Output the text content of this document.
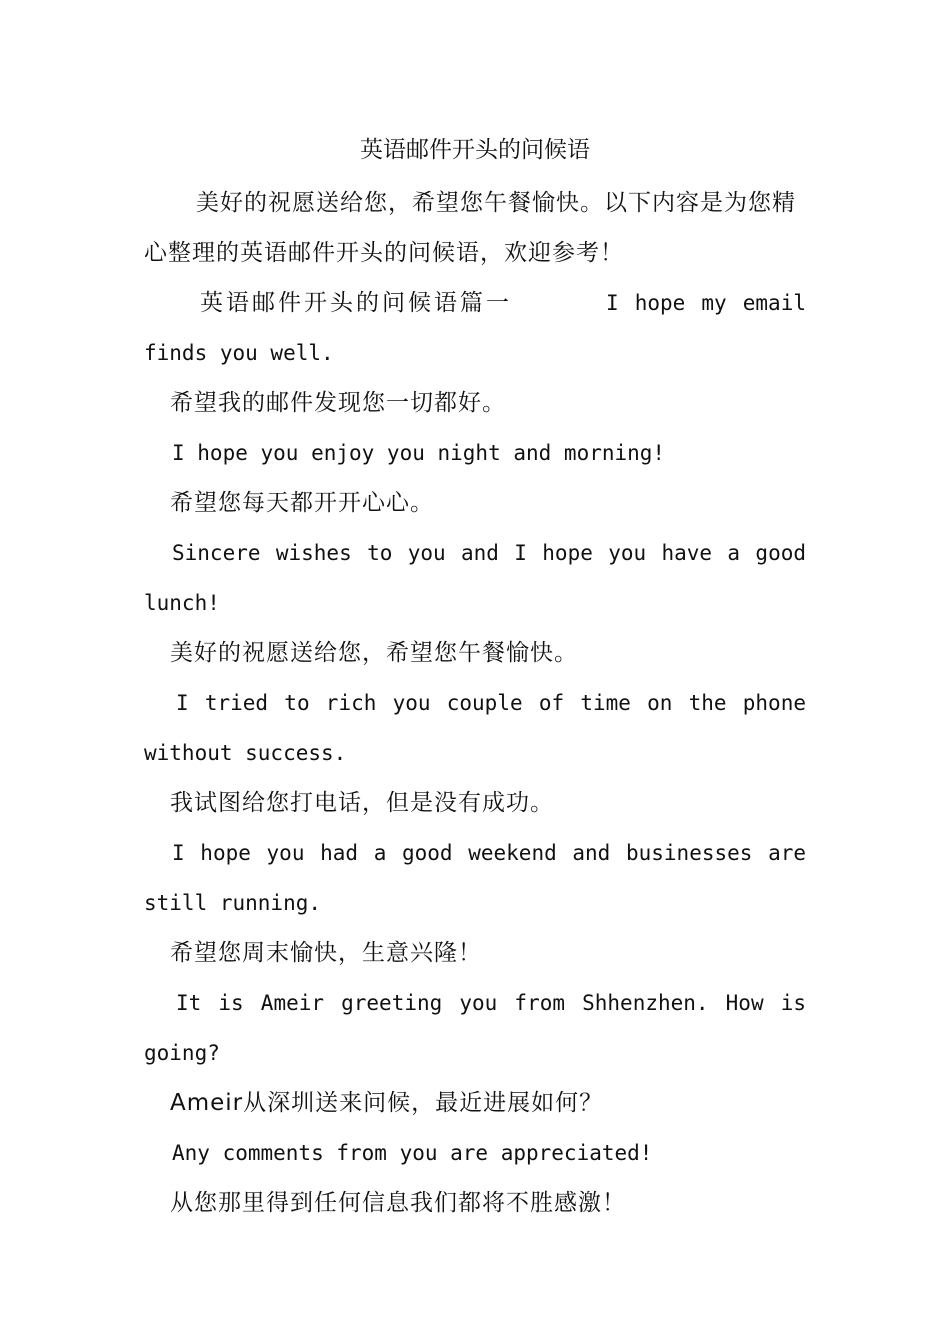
英语邮件开头的问候语

美好的祝愿送给您，希望您午餐愉快。以下内容是为您精心整理的英语邮件开头的问候语，欢迎参考！

英语邮件开头的问候语篇一	I hope my email finds you well.

希望我的邮件发现您一切都好。

I hope you enjoy you night and morning!

希望您每天都开开心心。

Sincere wishes to you and I hope you have a good lunch!

美好的祝愿送给您，希望您午餐愉快。

I tried to rich you couple of time on the phone without success.

我试图给您打电话，但是没有成功。

I hope you had a good weekend and businesses are still running.

希望您周末愉快，生意兴隆！

It is Ameir greeting you from Shhenzhen. How is going?

Ameir从深圳送来问候，最近进展如何？

Any comments from you are appreciated!

从您那里得到任何信息我们都将不胜感激！
